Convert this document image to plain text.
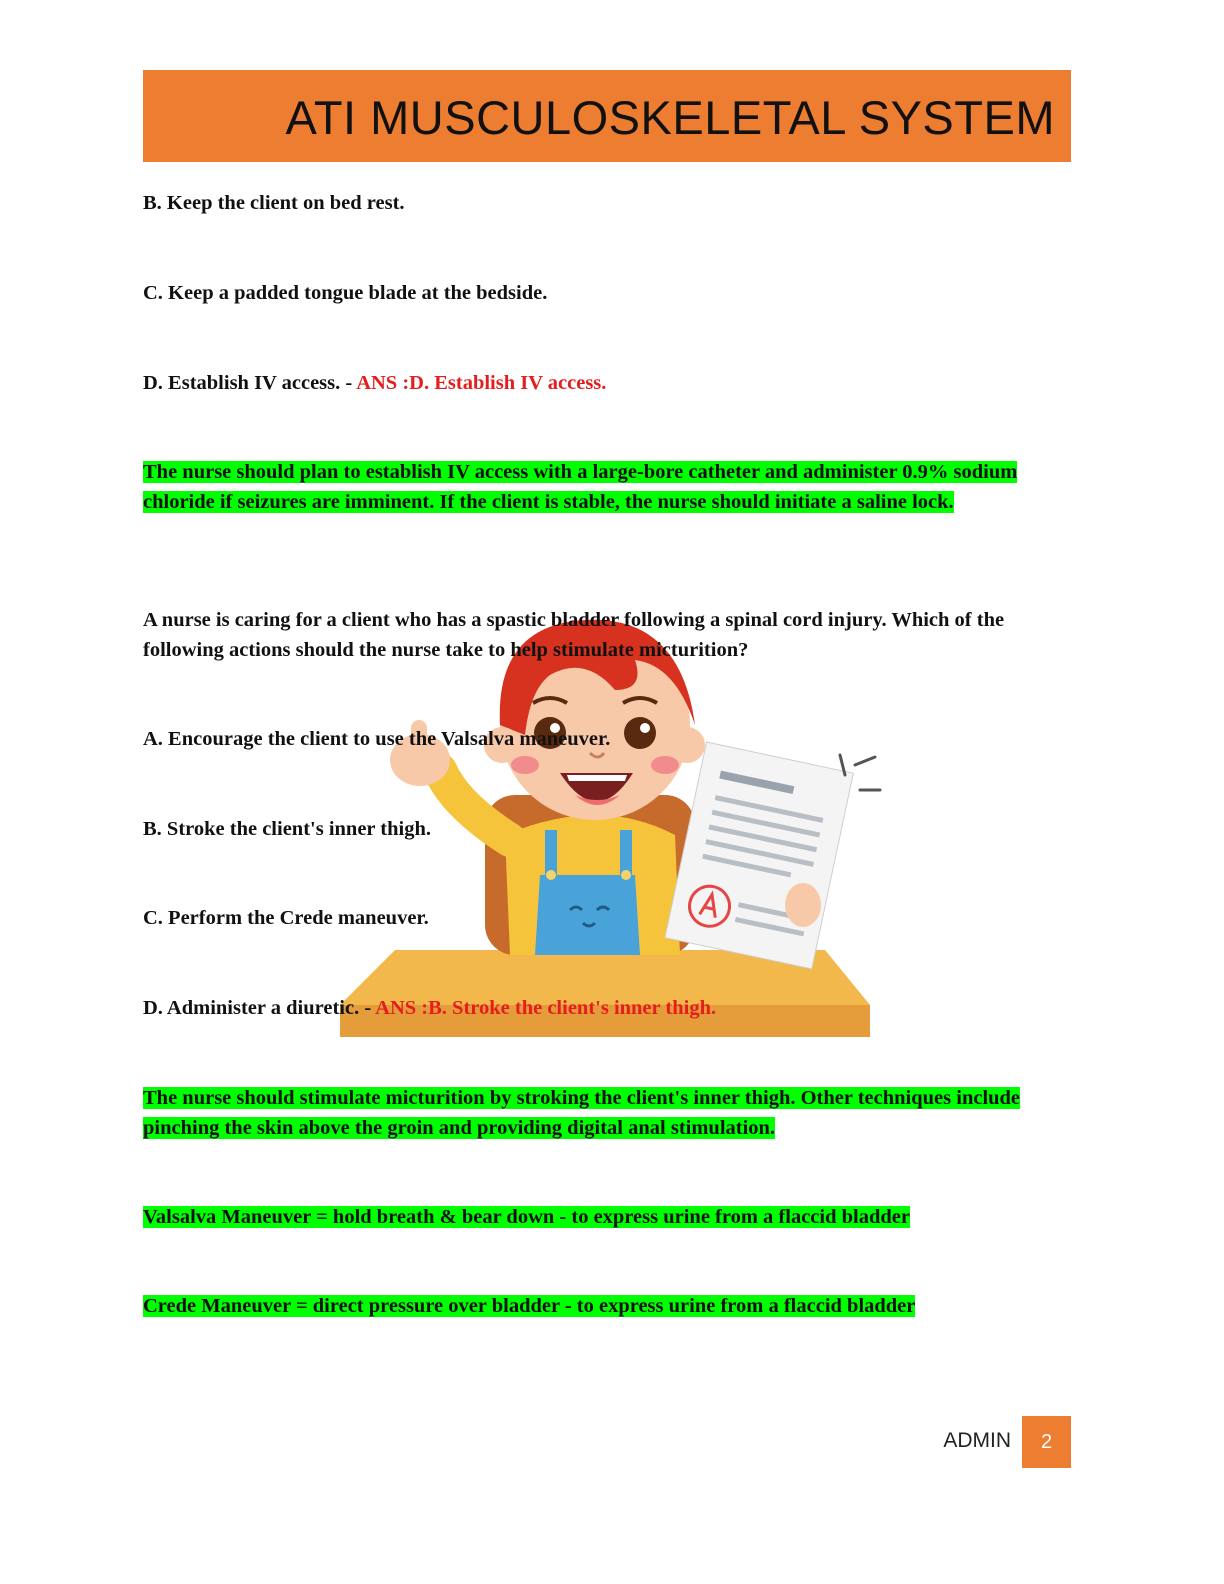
ATI MUSCULOSKELETAL SYSTEM
B. Keep the client on bed rest.
C. Keep a padded tongue blade at the bedside.
D. Establish IV access. - ANS :D. Establish IV access.
The nurse should plan to establish IV access with a large-bore catheter and administer 0.9% sodium chloride if seizures are imminent. If the client is stable, the nurse should initiate a saline lock.
A nurse is caring for a client who has a spastic bladder following a spinal cord injury. Which of the following actions should the nurse take to help stimulate micturition?
A. Encourage the client to use the Valsalva maneuver.
B. Stroke the client's inner thigh.
C. Perform the Crede maneuver.
D. Administer a diuretic. - ANS :B. Stroke the client's inner thigh.
The nurse should stimulate micturition by stroking the client's inner thigh. Other techniques include pinching the skin above the groin and providing digital anal stimulation.
Valsalva Maneuver = hold breath & bear down - to express urine from a flaccid bladder
Crede Maneuver = direct pressure over bladder - to express urine from a flaccid bladder
ADMIN	2
